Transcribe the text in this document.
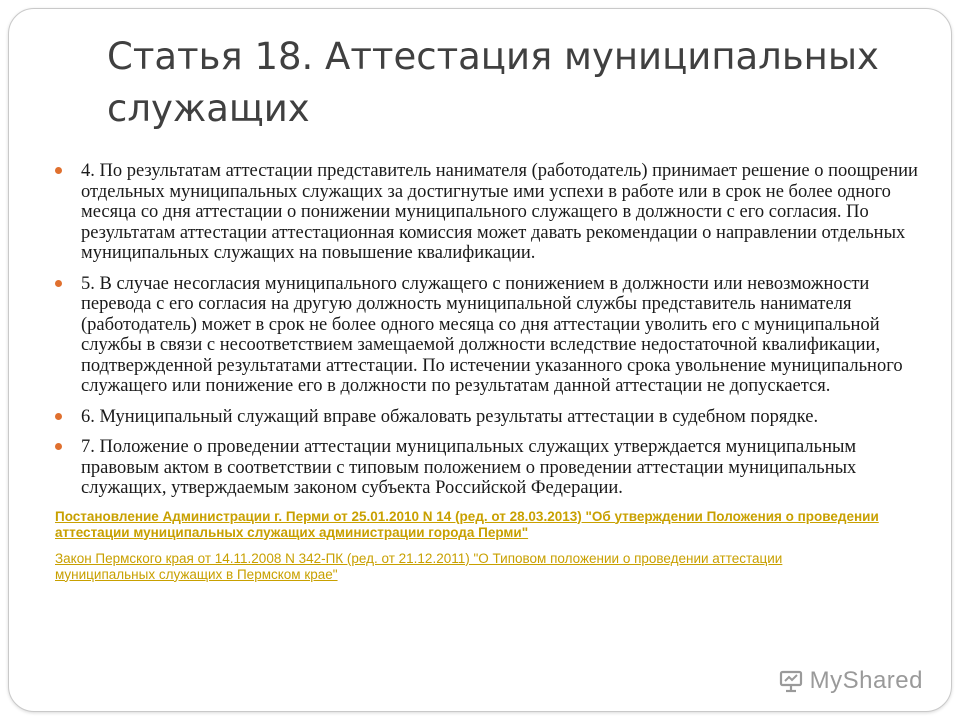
Статья 18. Аттестация муниципальных служащих
4. По результатам аттестации представитель нанимателя (работодатель) принимает решение о поощрении отдельных муниципальных служащих за достигнутые ими успехи в работе или в срок не более одного месяца со дня аттестации о понижении муниципального служащего в должности с его согласия. По результатам аттестации аттестационная комиссия может давать рекомендации о направлении отдельных муниципальных служащих на повышение квалификации.
5. В случае несогласия муниципального служащего с понижением в должности или невозможности перевода с его согласия на другую должность муниципальной службы представитель нанимателя (работодатель) может в срок не более одного месяца со дня аттестации уволить его с муниципальной службы в связи с несоответствием замещаемой должности вследствие недостаточной квалификации, подтвержденной результатами аттестации. По истечении указанного срока увольнение муниципального служащего или понижение его в должности по результатам данной аттестации не допускается.
6. Муниципальный служащий вправе обжаловать результаты аттестации в судебном порядке.
7. Положение о проведении аттестации муниципальных служащих утверждается муниципальным правовым актом в соответствии с типовым положением о проведении аттестации муниципальных служащих, утверждаемым законом субъекта Российской Федерации.
Постановление Администрации г. Перми от 25.01.2010 N 14 (ред. от 28.03.2013) "Об утверждении Положения о проведении аттестации муниципальных служащих администрации города Перми"
Закон Пермского края от 14.11.2008 N 342-ПК (ред. от 21.12.2011) "О Типовом положении о проведении аттестации муниципальных служащих в Пермском крае"
MyShared
